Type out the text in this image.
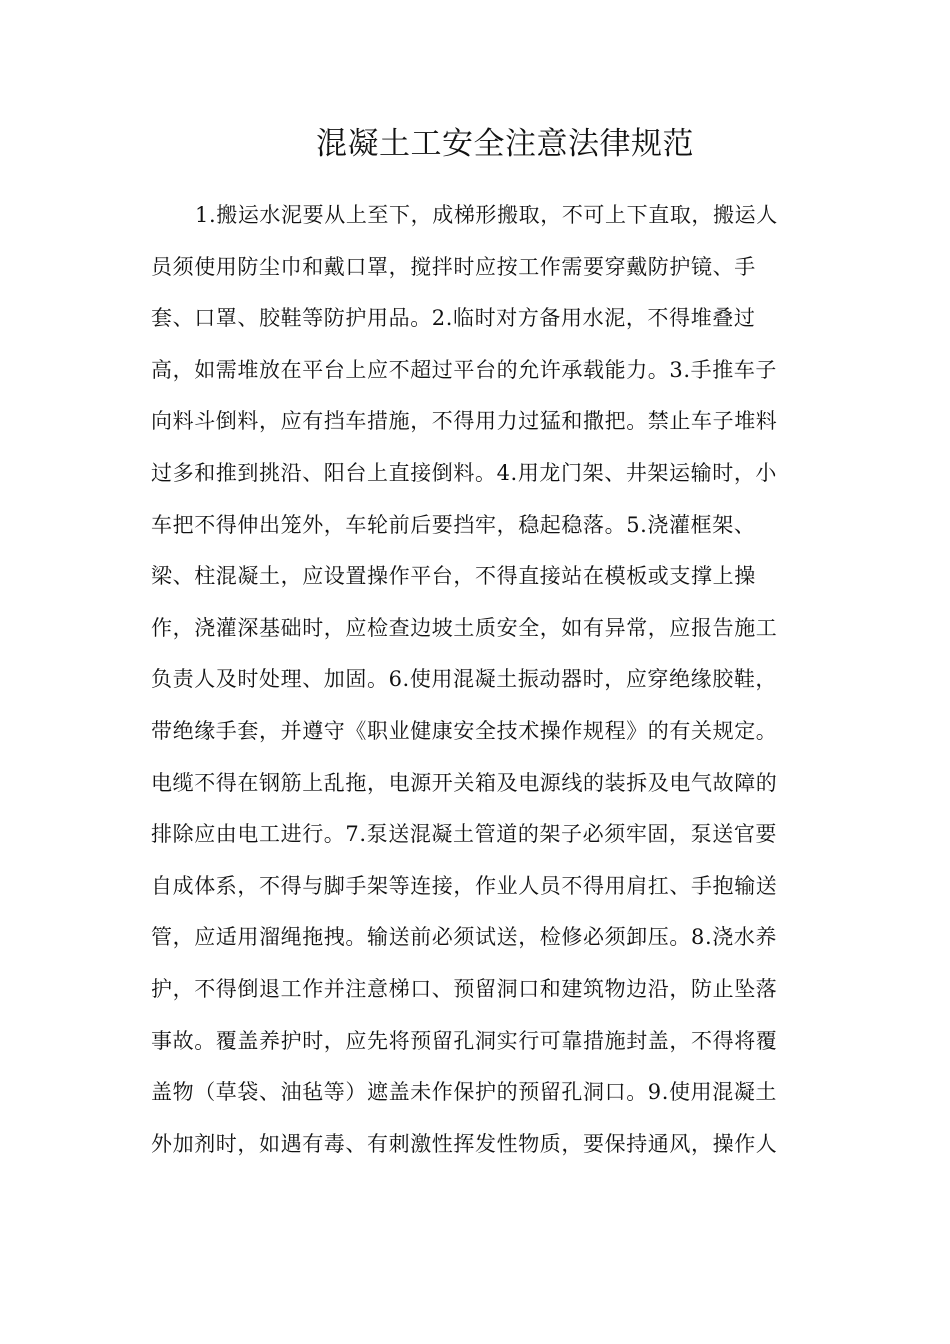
混凝土工安全注意法律规范
1.搬运水泥要从上至下，成梯形搬取，不可上下直取，搬运人
员须使用防尘巾和戴口罩，搅拌时应按工作需要穿戴防护镜、手
套、口罩、胶鞋等防护用品。2.临时对方备用水泥，不得堆叠过
高，如需堆放在平台上应不超过平台的允许承载能力。3.手推车子
向料斗倒料，应有挡车措施，不得用力过猛和撒把。禁止车子堆料
过多和推到挑沿、阳台上直接倒料。4.用龙门架、井架运输时，小
车把不得伸出笼外，车轮前后要挡牢，稳起稳落。5.浇灌框架、
梁、柱混凝土，应设置操作平台，不得直接站在模板或支撑上操
作，浇灌深基础时，应检查边坡土质安全，如有异常，应报告施工
负责人及时处理、加固。6.使用混凝土振动器时，应穿绝缘胶鞋，
带绝缘手套，并遵守《职业健康安全技术操作规程》的有关规定。
电缆不得在钢筋上乱拖，电源开关箱及电源线的装拆及电气故障的
排除应由电工进行。7.泵送混凝土管道的架子必须牢固，泵送官要
自成体系，不得与脚手架等连接，作业人员不得用肩扛、手抱输送
管，应适用溜绳拖拽。输送前必须试送，检修必须卸压。8.浇水养
护，不得倒退工作并注意梯口、预留洞口和建筑物边沿，防止坠落
事故。覆盖养护时，应先将预留孔洞实行可靠措施封盖，不得将覆
盖物（草袋、油毡等）遮盖未作保护的预留孔洞口。9.使用混凝土
外加剂时，如遇有毒、有刺激性挥发性物质，要保持通风，操作人
